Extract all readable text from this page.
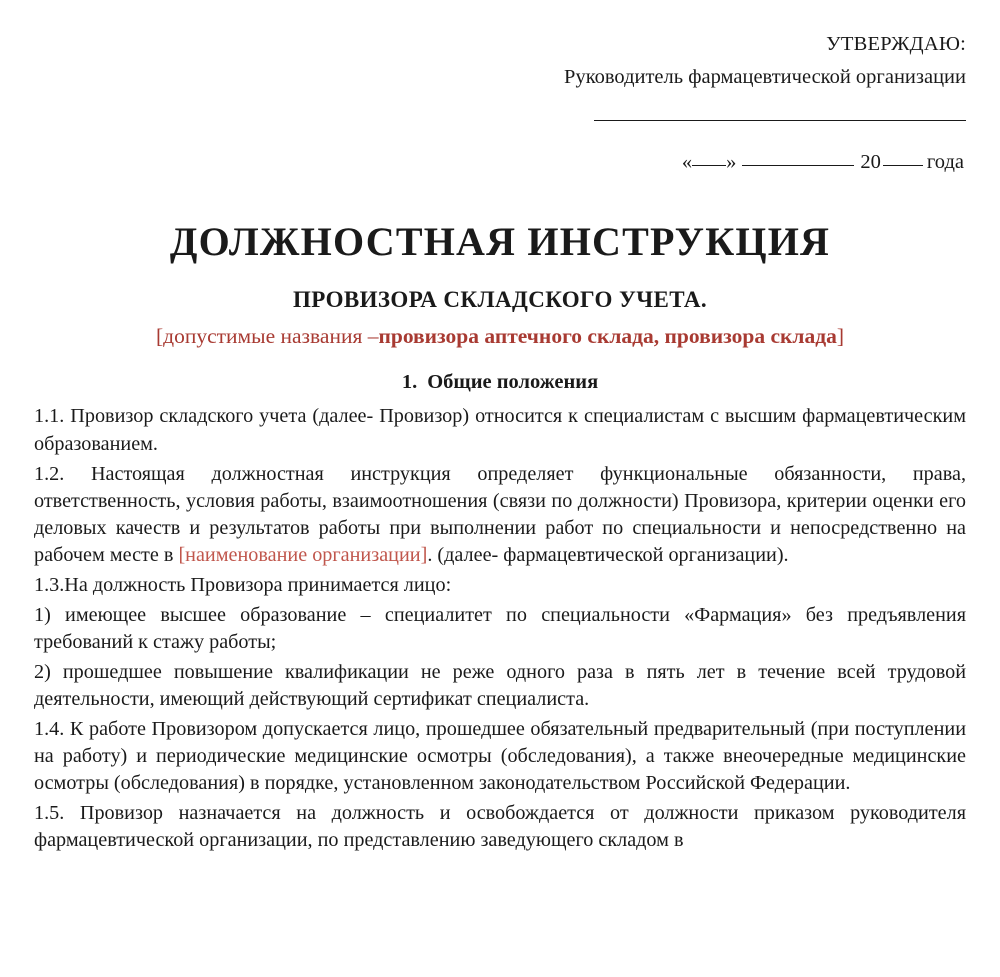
УТВЕРЖДАЮ:
Руководитель фармацевтической организации
« »	20 года
ДОЛЖНОСТНАЯ ИНСТРУКЦИЯ
ПРОВИЗОРА СКЛАДСКОГО УЧЕТА.
[допустимые названия –провизора аптечного склада, провизора склада]
1. Общие положения

1.1. Провизор складского учета (далее- Провизор) относится к специалистам с высшим фармацевтическим образованием.

1.2. Настоящая должностная инструкция определяет функциональные обязанности, права, ответственность, условия работы, взаимоотношения (связи по должности) Провизора, критерии оценки его деловых качеств и результатов работы при выполнении работ по специальности и непосредственно на рабочем месте в [наименование организации]. (далее- фармацевтической организации).

1.3.На должность Провизора принимается лицо:

1) имеющее высшее образование – специалитет по специальности «Фармация» без предъявления требований к стажу работы;

2) прошедшее повышение квалификации не реже одного раза в пять лет в течение всей трудовой деятельности, имеющий действующий сертификат специалиста.

1.4. К работе Провизором допускается лицо, прошедшее обязательный предварительный (при поступлении на работу) и периодические медицинские осмотры (обследования), а также внеочередные медицинские осмотры (обследования) в порядке, установленном законодательством Российской Федерации.

1.5. Провизор назначается на должность и освобождается от должности приказом руководителя фармацевтической организации, по представлению заведующего складом в
